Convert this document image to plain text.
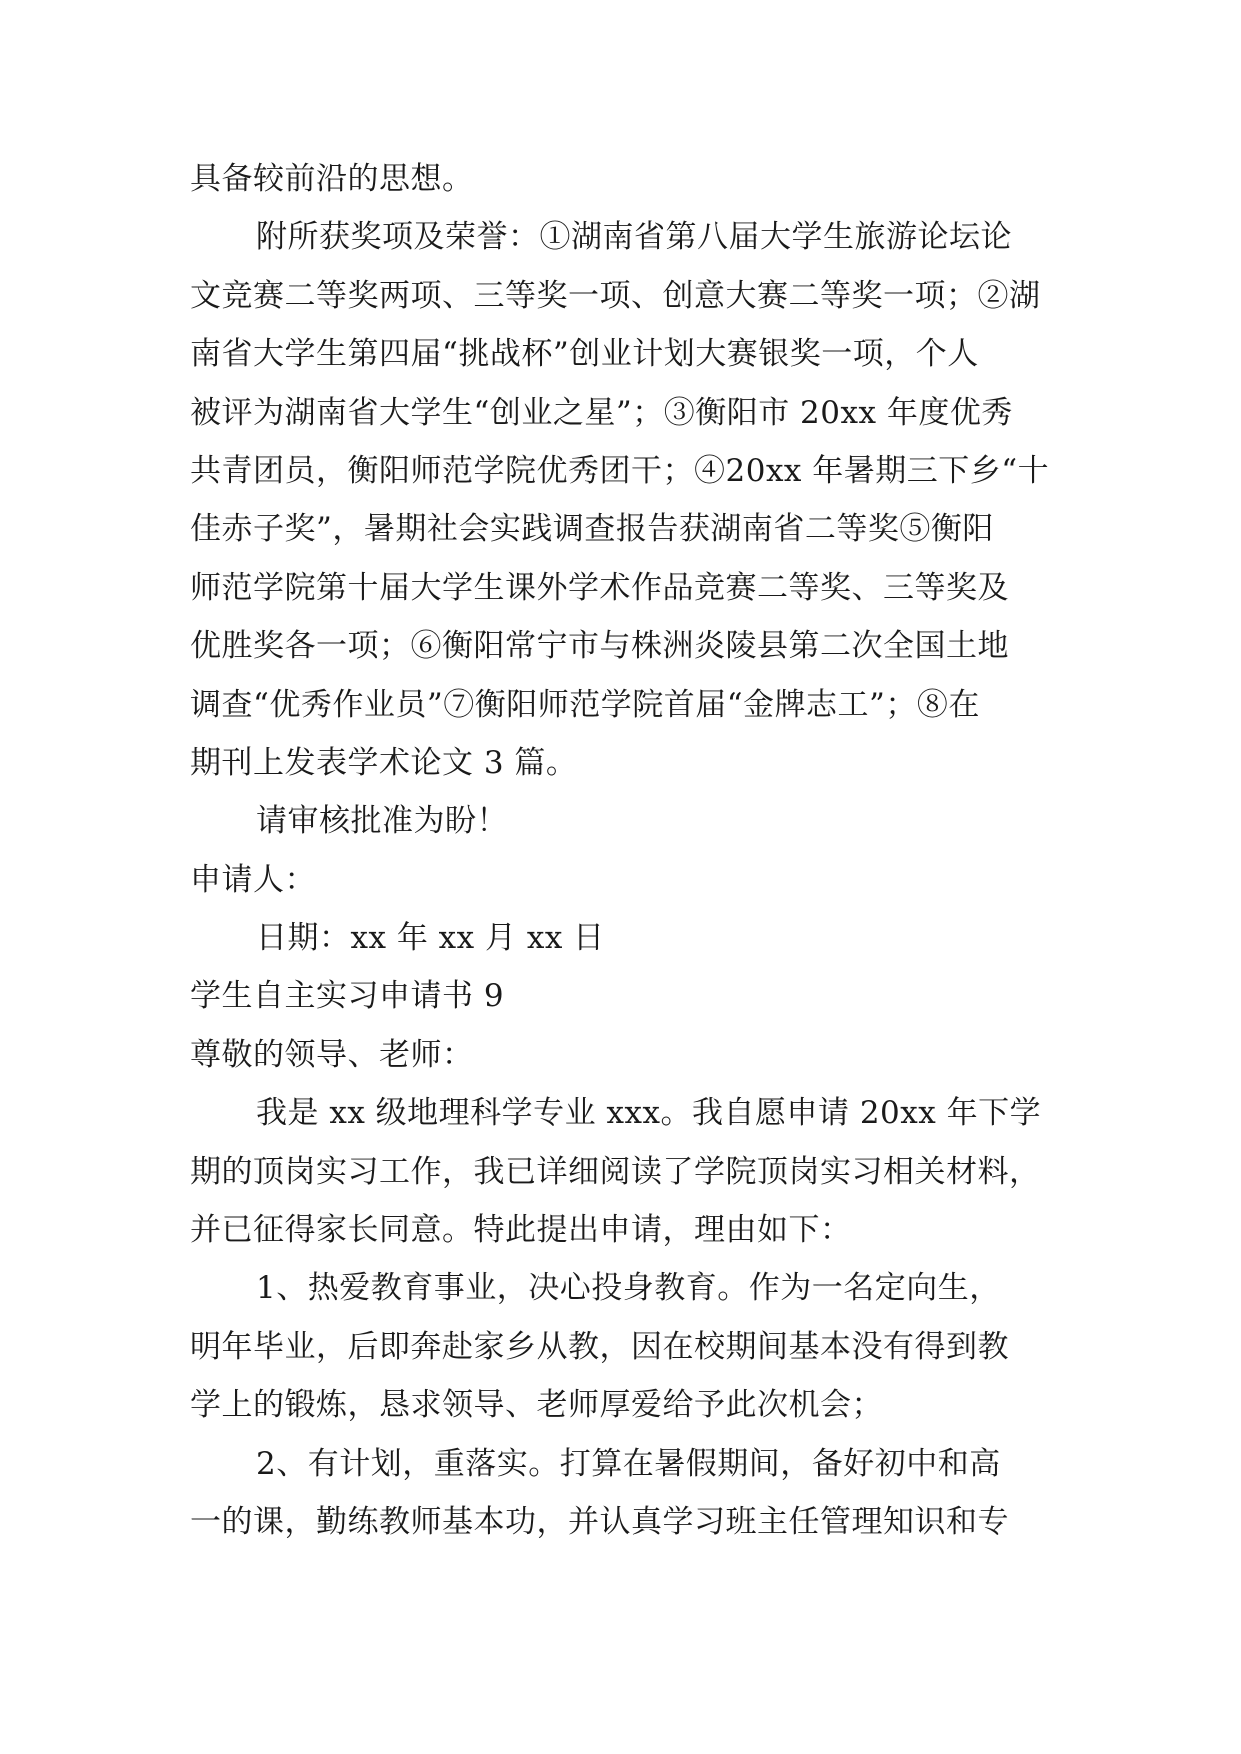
具备较前沿的思想。
附所获奖项及荣誉：①湖南省第八届大学生旅游论坛论
文竞赛二等奖两项、三等奖一项、创意大赛二等奖一项；②湖
南省大学生第四届“挑战杯”创业计划大赛银奖一项，个人
被评为湖南省大学生“创业之星”；③衡阳市 20xx 年度优秀
共青团员，衡阳师范学院优秀团干；④20xx 年暑期三下乡“十
佳赤子奖”，暑期社会实践调查报告获湖南省二等奖⑤衡阳
师范学院第十届大学生课外学术作品竞赛二等奖、三等奖及
优胜奖各一项；⑥衡阳常宁市与株洲炎陵县第二次全国土地
调查“优秀作业员”⑦衡阳师范学院首届“金牌志工”；⑧在
期刊上发表学术论文 3 篇。
请审核批准为盼！
申请人：
日期：xx 年 xx 月 xx 日
学生自主实习申请书 9
尊敬的领导、老师：
我是 xx 级地理科学专业 xxx。我自愿申请 20xx 年下学
期的顶岗实习工作，我已详细阅读了学院顶岗实习相关材料，
并已征得家长同意。特此提出申请，理由如下：
1、热爱教育事业，决心投身教育。作为一名定向生，
明年毕业，后即奔赴家乡从教，因在校期间基本没有得到教
学上的锻炼，恳求领导、老师厚爱给予此次机会；
2、有计划，重落实。打算在暑假期间，备好初中和高
一的课，勤练教师基本功，并认真学习班主任管理知识和专
